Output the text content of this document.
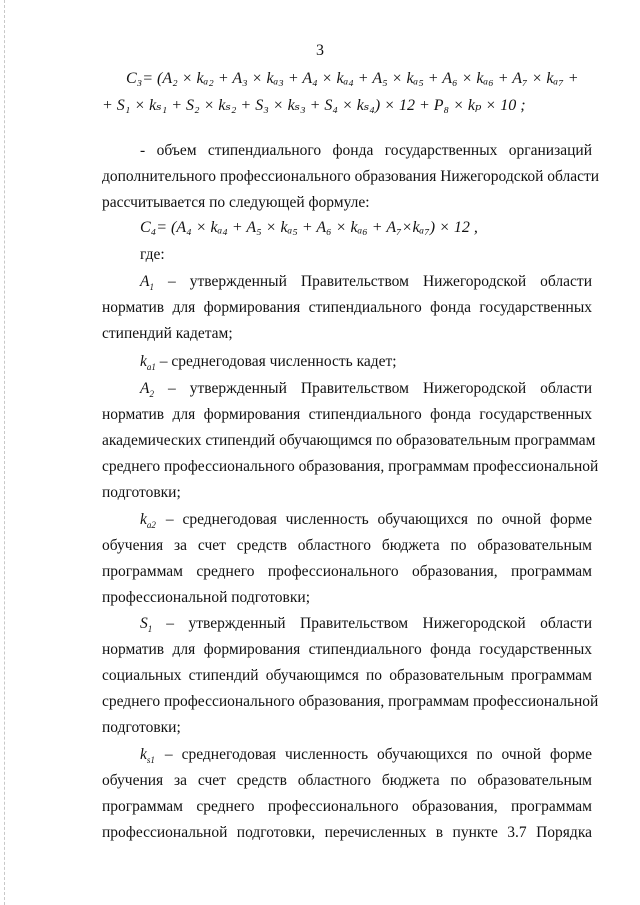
3
C₃= (A₂ × kₐ₂ + A₃ × kₐ₃ + A₄ × kₐ₄ + A₅ × kₐ₅ + A₆ × kₐ₆ + A₇ × kₐ₇ +
+ S₁ × kₛ₁ + S₂ × kₛ₂ + S₃ × kₛ₃ + S₄ × kₛ₄) × 12 + P₈ × kₚ × 10 ;
- объем стипендиального фонда государственных организаций
дополнительного профессионального образования Нижегородской области
рассчитывается по следующей формуле:
C₄= (A₄ × kₐ₄ + A₅ × kₐ₅ + A₆ × kₐ₆ + A₇×kₐ₇) × 12 ,
где:
$A_1$ – утвержденный Правительством Нижегородской области
норматив для формирования стипендиального фонда государственных
стипендий кадетам;
$k_{a1}$ – среднегодовая численность кадет;
$A_2$ – утвержденный Правительством Нижегородской области
норматив для формирования стипендиального фонда государственных
академических стипендий обучающимся по образовательным программам
среднего профессионального образования, программам профессиональной
подготовки;
$k_{a2}$ – среднегодовая численность обучающихся по очной форме
обучения за счет средств областного бюджета по образовательным
программам среднего профессионального образования, программам
профессиональной подготовки;
$S_1$ – утвержденный Правительством Нижегородской области
норматив для формирования стипендиального фонда государственных
социальных стипендий обучающимся по образовательным программам
среднего профессионального образования, программам профессиональной
подготовки;
$k_{s1}$ – среднегодовая численность обучающихся по очной форме
обучения за счет средств областного бюджета по образовательным
программам среднего профессионального образования, программам
профессиональной подготовки, перечисленных в пункте 3.7 Порядка
